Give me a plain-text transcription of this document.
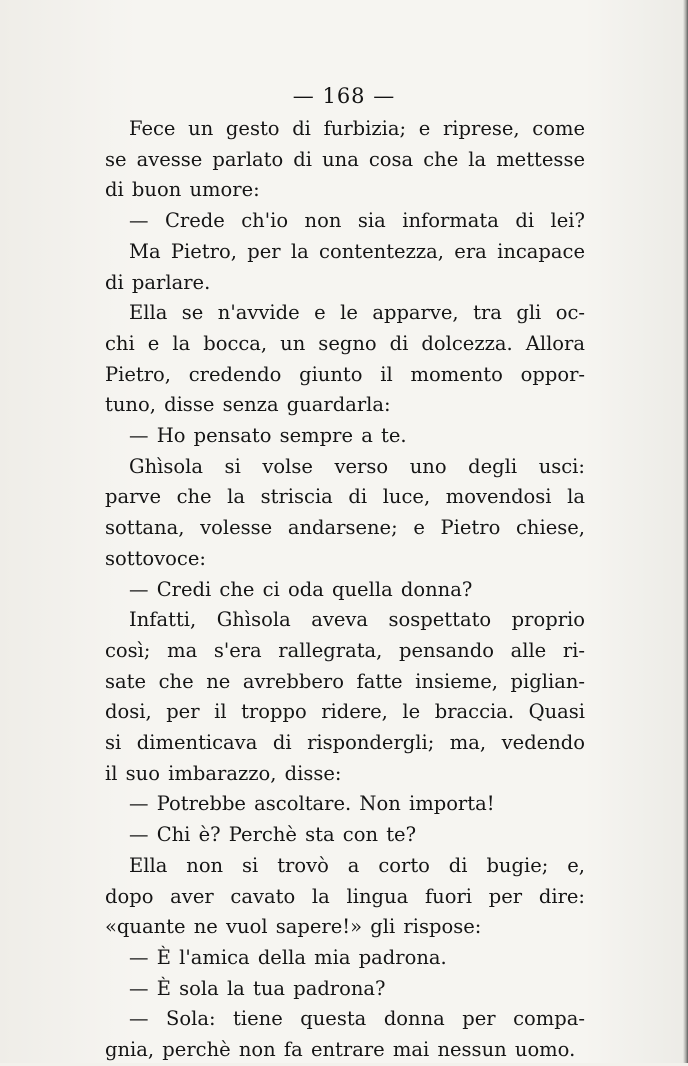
— 168 —
Fece un gesto di furbizia; e riprese, come
se avesse parlato di una cosa che la mettesse
di buon umore:
— Crede ch'io non sia informata di lei?
Ma Pietro, per la contentezza, era incapace
di parlare.
Ella se n'avvide e le apparve, tra gli oc-
chi e la bocca, un segno di dolcezza. Allora
Pietro, credendo giunto il momento oppor-
tuno, disse senza guardarla:
— Ho pensato sempre a te.
Ghìsola si volse verso uno degli usci:
parve che la striscia di luce, movendosi la
sottana, volesse andarsene; e Pietro chiese,
sottovoce:
— Credi che ci oda quella donna?
Infatti, Ghìsola aveva sospettato proprio
così; ma s'era rallegrata, pensando alle ri-
sate che ne avrebbero fatte insieme, piglian-
dosi, per il troppo ridere, le braccia. Quasi
si dimenticava di rispondergli; ma, vedendo
il suo imbarazzo, disse:
— Potrebbe ascoltare. Non importa!
— Chi è? Perchè sta con te?
Ella non si trovò a corto di bugie; e,
dopo aver cavato la lingua fuori per dire:
«quante ne vuol sapere!» gli rispose:
— È l'amica della mia padrona.
— È sola la tua padrona?
— Sola: tiene questa donna per compa-
gnia, perchè non fa entrare mai nessun uomo.
